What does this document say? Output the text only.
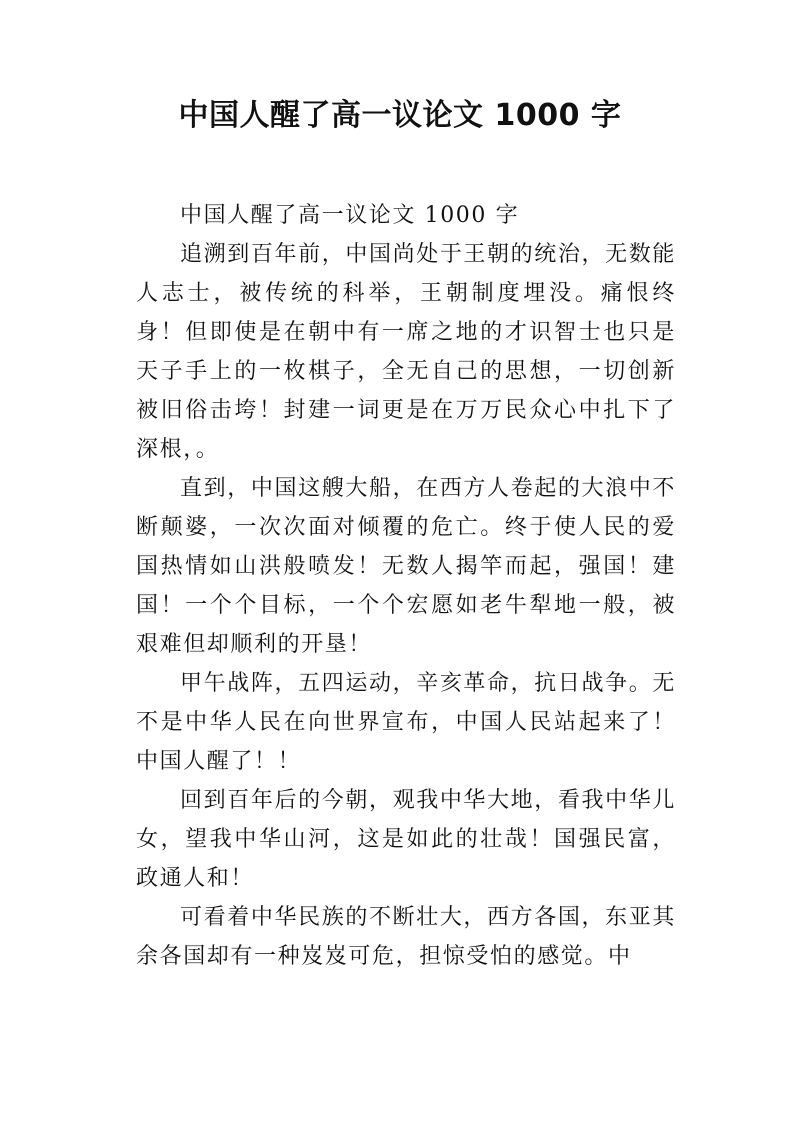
中国人醒了高一议论文 1000 字

中国人醒了高一议论文 1000 字

追溯到百年前，中国尚处于王朝的统治，无数能人志士，被传统的科举，王朝制度埋没。痛恨终身！但即使是在朝中有一席之地的才识智士也只是天子手上的一枚棋子，全无自己的思想，一切创新被旧俗击垮！封建一词更是在万万民众心中扎下了深根，。

直到，中国这艘大船，在西方人卷起的大浪中不断颠婆，一次次面对倾覆的危亡。终于使人民的爱国热情如山洪般喷发！无数人揭竿而起，强国！建国！一个个目标，一个个宏愿如老牛犁地一般，被艰难但却顺利的开垦！

甲午战阵，五四运动，辛亥革命，抗日战争。无不是中华人民在向世界宣布，中国人民站起来了！中国人醒了！！

回到百年后的今朝，观我中华大地，看我中华儿女，望我中华山河，这是如此的壮哉！国强民富，政通人和！

可看着中华民族的不断壮大，西方各国，东亚其余各国却有一种岌岌可危，担惊受怕的感觉。中
